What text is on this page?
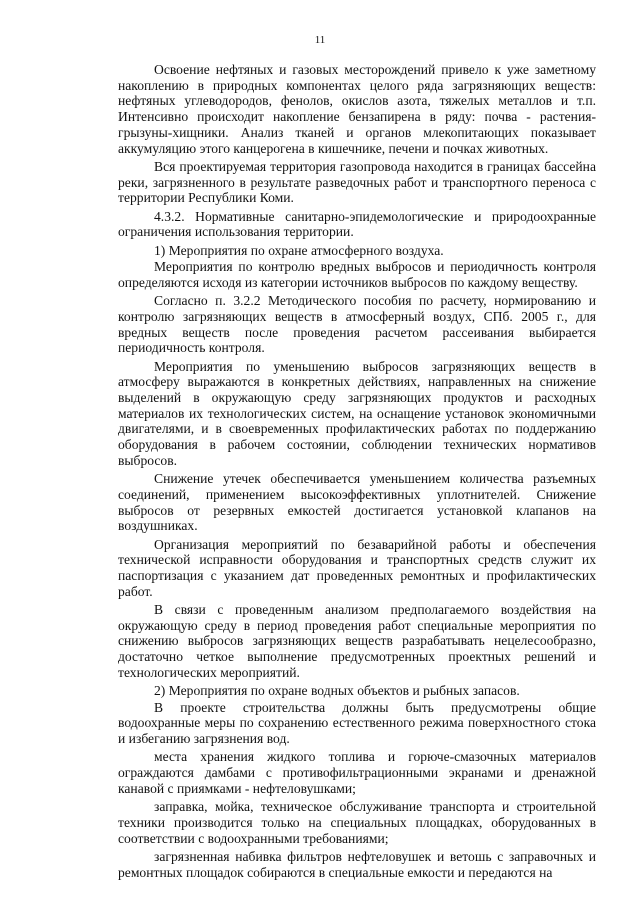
11

Освоение нефтяных и газовых месторождений привело к уже заметному накоплению в природных компонентах целого ряда загрязняющих веществ: нефтяных углеводородов, фенолов, окислов азота, тяжелых металлов и т.п. Интенсивно происходит накопление бензапирена в ряду: почва - растения-грызуны-хищники. Анализ тканей и органов млекопитающих показывает аккумуляцию этого канцерогена в кишечнике, печени и почках животных.

Вся проектируемая территория газопровода находится в границах бассейна реки, загрязненного в результате разведочных работ и транспортного переноса с территории Республики Коми.

4.3.2. Нормативные санитарно-эпидемологические и природоохранные ограничения использования территории.

1) Мероприятия по охране атмосферного воздуха.

Мероприятия по контролю вредных выбросов и периодичность контроля определяются исходя из категории источников выбросов по каждому веществу.

Согласно п. 3.2.2 Методического пособия по расчету, нормированию и контролю загрязняющих веществ в атмосферный воздух, СПб. 2005 г., для вредных веществ после проведения расчетом рассеивания выбирается периодичность контроля.

Мероприятия по уменьшению выбросов загрязняющих веществ в атмосферу выражаются в конкретных действиях, направленных на снижение выделений в окружающую среду загрязняющих продуктов и расходных материалов их технологических систем, на оснащение установок экономичными двигателями, и в своевременных профилактических работах по поддержанию оборудования в рабочем состоянии, соблюдении технических нормативов выбросов.

Снижение утечек обеспечивается уменьшением количества разъемных соединений, применением высокоэффективных уплотнителей. Снижение выбросов от резервных емкостей достигается установкой клапанов на воздушниках.

Организация мероприятий по безаварийной работы и обеспечения технической исправности оборудования и транспортных средств служит их паспортизация с указанием дат проведенных ремонтных и профилактических работ.

В связи с проведенным анализом предполагаемого воздействия на окружающую среду в период проведения работ специальные мероприятия по снижению выбросов загрязняющих веществ разрабатывать нецелесообразно, достаточно четкое выполнение предусмотренных проектных решений и технологических мероприятий.

2) Мероприятия по охране водных объектов и рыбных запасов.

В проекте строительства должны быть предусмотрены общие водоохранные меры по сохранению естественного режима поверхностного стока и избеганию загрязнения вод.

места хранения жидкого топлива и горюче-смазочных материалов ограждаются дамбами с противофильтрационными экранами и дренажной канавой с приямками - нефтеловушками;

заправка, мойка, техническое обслуживание транспорта и строительной техники производится только на специальных площадках, оборудованных в соответствии с водоохранными требованиями;

загрязненная набивка фильтров нефтеловушек и ветошь с заправочных и ремонтных площадок собираются в специальные емкости и передаются на
